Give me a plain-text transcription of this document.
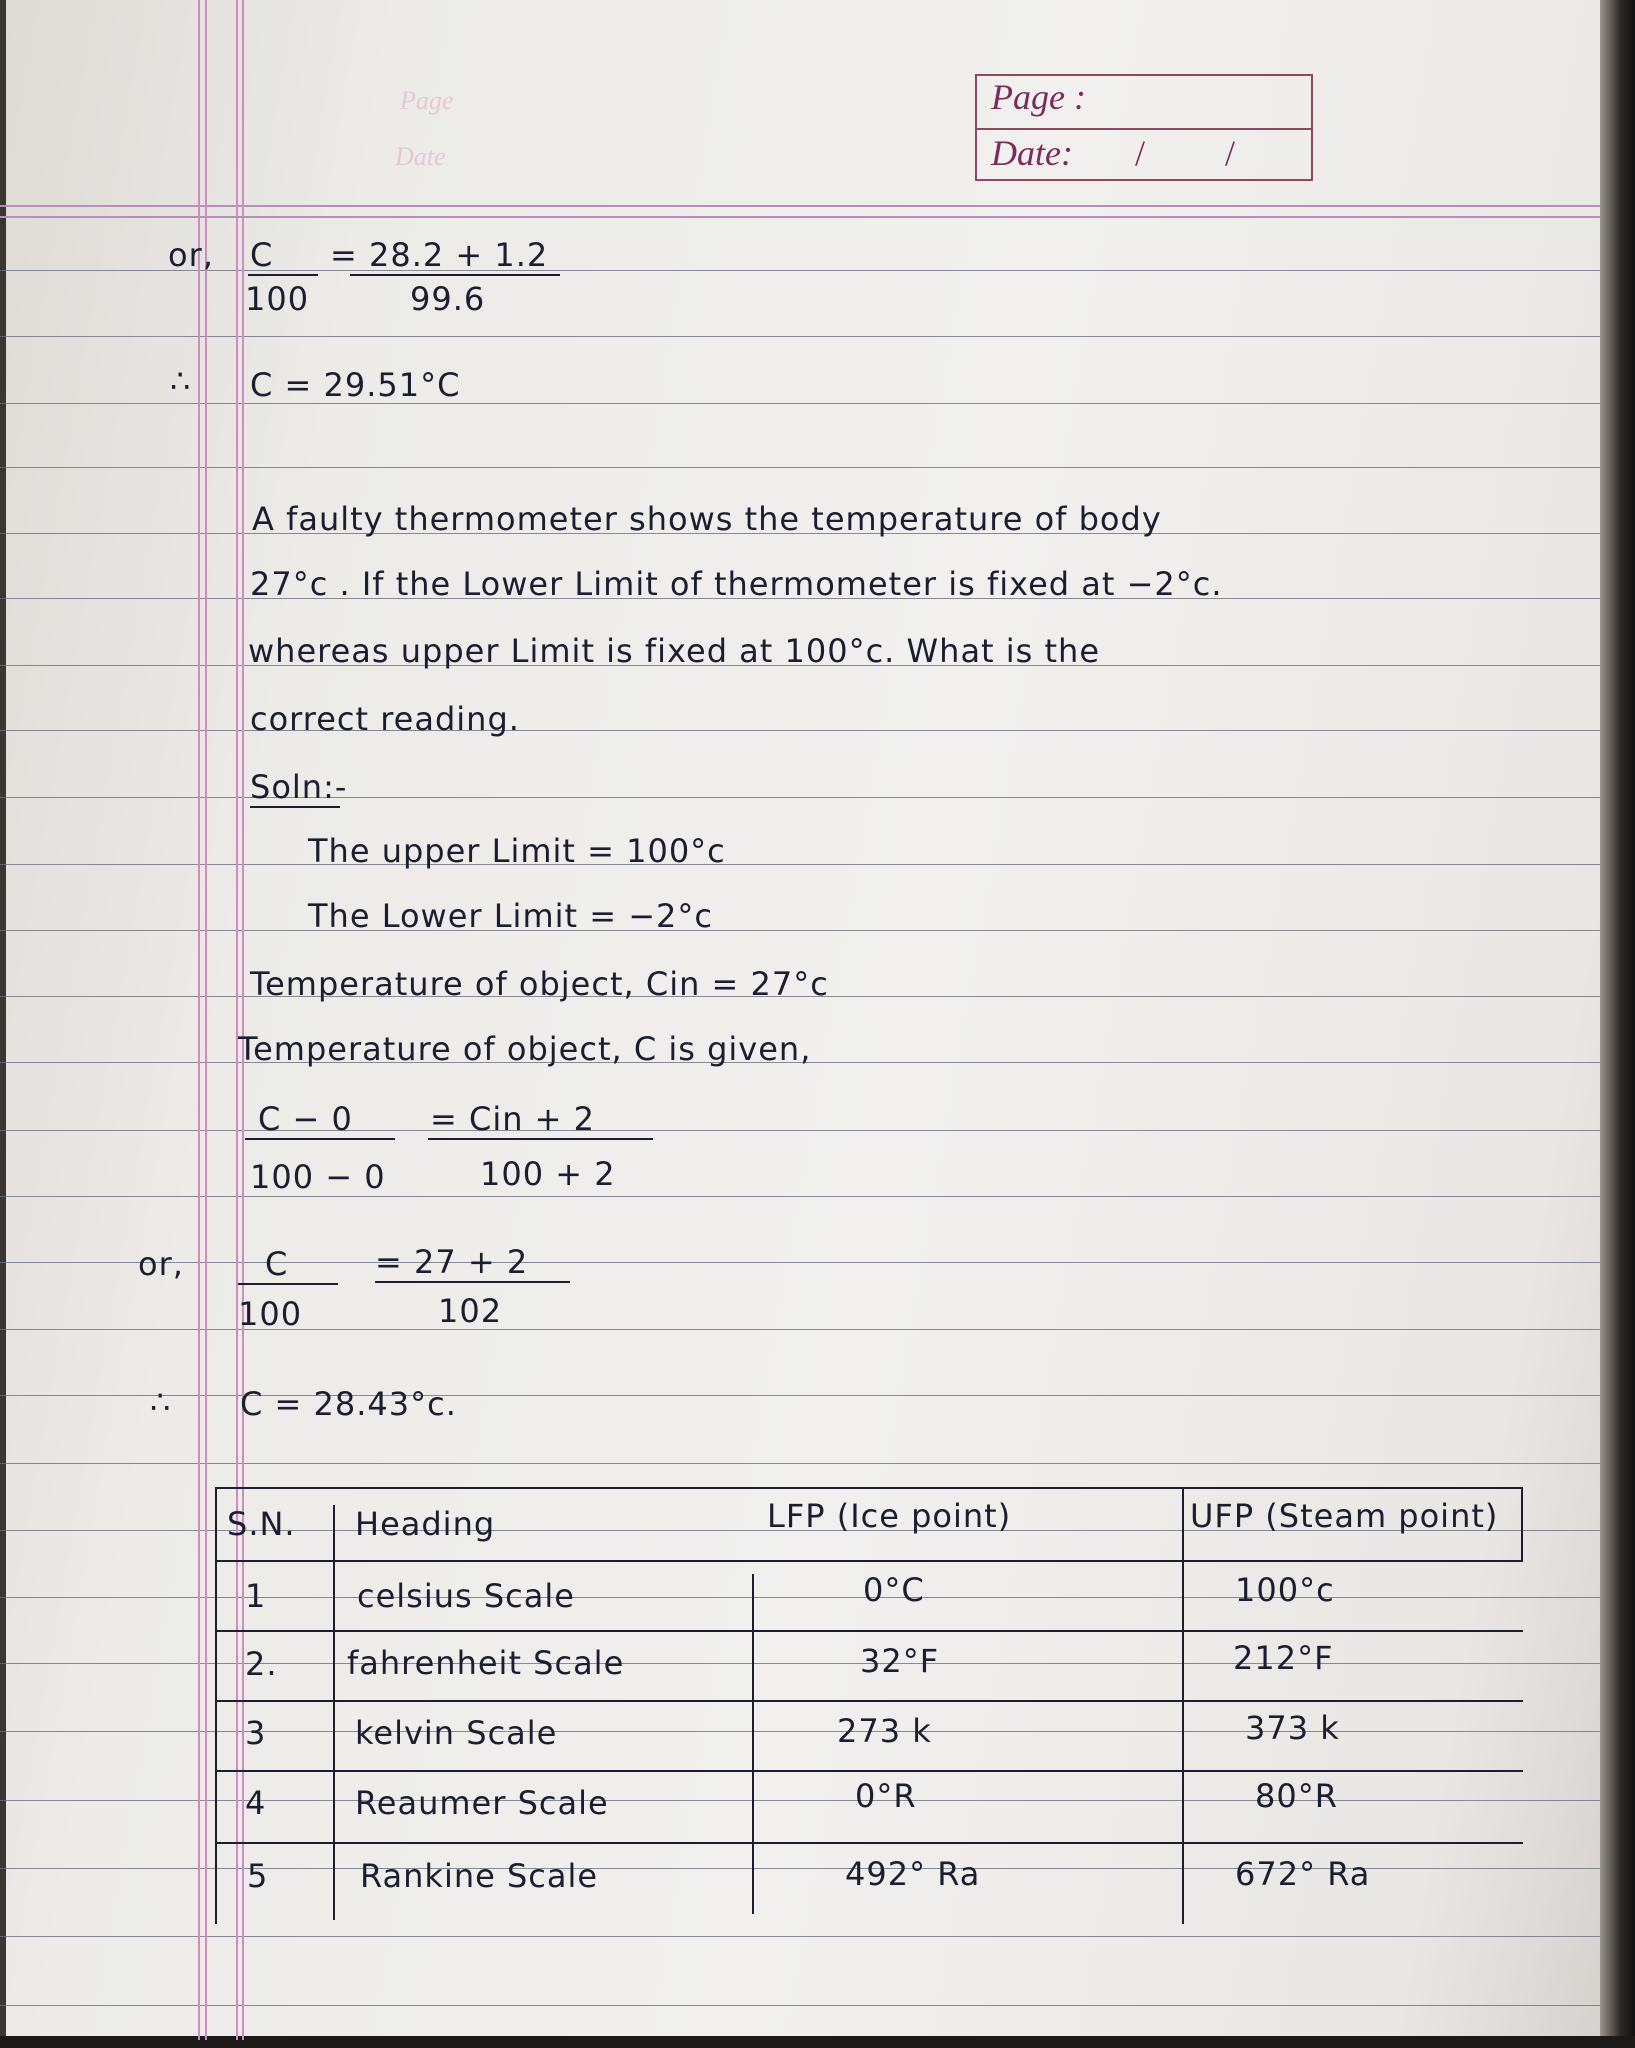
Page
Date
Page :
Date: / /
or, C
100
= 28.2 + 1.2
99.6
∴ C = 29.51°C
A faulty thermometer shows the temperature of body
27°c . If the Lower Limit of thermometer is fixed at −2°c.
whereas upper Limit is fixed at 100°c. What is the
correct reading.
Soln:-
The upper Limit = 100°c
The Lower Limit = −2°c
Temperature of object, Cin = 27°c
Temperature of object, C is given,
C − 0
100 − 0
= Cin + 2
100 + 2
or,	C
100
= 27 + 2
102
∴ C = 28.43°c.
S.N. Heading	LFP (Ice point)	UFP (Steam point)
1	celsius Scale	0°C	100°c
2. fahrenheit Scale	32°F	212°F
3	kelvin Scale	273 k	373 k
4	Reaumer Scale	0°R	80°R
5	Rankine Scale	492° Ra	672° Ra
